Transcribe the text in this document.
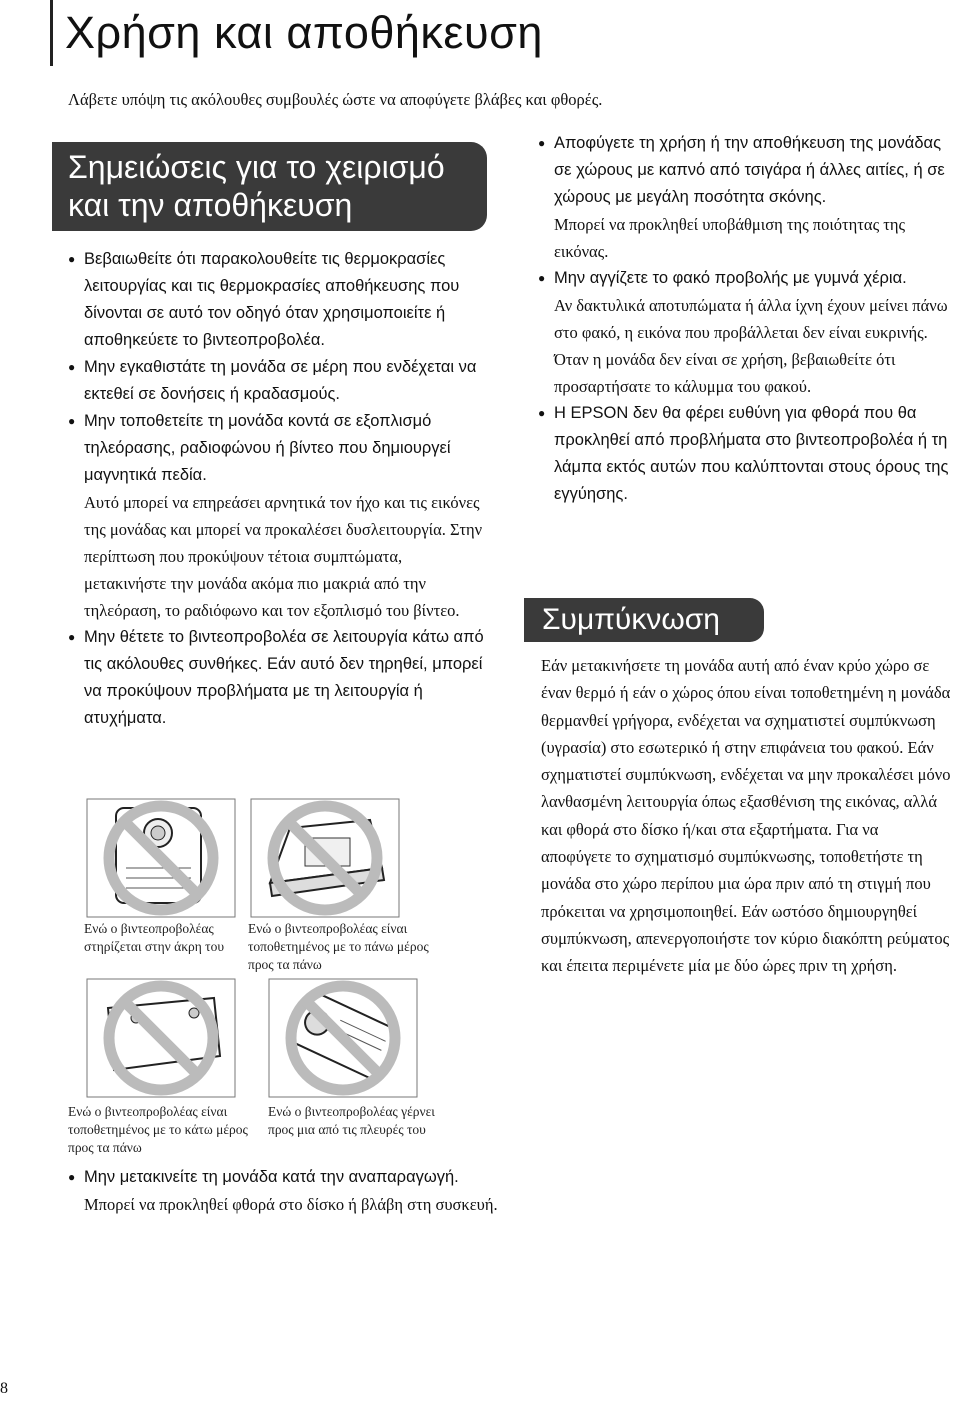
Χρήση και αποθήκευση
Λάβετε υπόψη τις ακόλουθες συμβουλές ώστε να αποφύγετε βλάβες και φθορές.
Σημειώσεις για το χειρισμό
και την αποθήκευση
● Βεβαιωθείτε ότι παρακολουθείτε τις θερμοκρασίες λειτουργίας και τις θερμοκρασίες αποθήκευσης που δίνονται σε αυτό τον οδηγό όταν χρησιμοποιείτε ή αποθηκεύετε το βιντεοπροβολέα.
● Μην εγκαθιστάτε τη μονάδα σε μέρη που ενδέχεται να εκτεθεί σε δονήσεις ή κραδασμούς.
● Μην τοποθετείτε τη μονάδα κοντά σε εξοπλισμό τηλεόρασης, ραδιοφώνου ή βίντεο που δημιουργεί μαγνητικά πεδία.
Αυτό μπορεί να επηρεάσει αρνητικά τον ήχο και τις εικόνες της μονάδας και μπορεί να προκαλέσει δυσλειτουργία. Στην περίπτωση που προκύψουν τέτοια συμπτώματα, μετακινήστε την μονάδα ακόμα πιο μακριά από την τηλεόραση, το ραδιόφωνο και τον εξοπλισμό του βίντεο.
● Μην θέτετε το βιντεοπροβολέα σε λειτουργία κάτω από τις ακόλουθες συνθήκες. Εάν αυτό δεν τηρηθεί, μπορεί να προκύψουν προβλήματα με τη λειτουργία ή ατυχήματα.
Ενώ ο βιντεοπροβολέας στηρίζεται στην άκρη του
Ενώ ο βιντεοπροβολέας είναι τοποθετημένος με το πάνω μέρος προς τα πάνω
Ενώ ο βιντεοπροβολέας είναι τοποθετημένος με το κάτω μέρος προς τα πάνω
Ενώ ο βιντεοπροβολέας γέρνει προς μια από τις πλευρές του
● Μην μετακινείτε τη μονάδα κατά την αναπαραγωγή.
Μπορεί να προκληθεί φθορά στο δίσκο ή βλάβη στη συσκευή.
● Αποφύγετε τη χρήση ή την αποθήκευση της μονάδας σε χώρους με καπνό από τσιγάρα ή άλλες αιτίες, ή σε χώρους με μεγάλη ποσότητα σκόνης.
Μπορεί να προκληθεί υποβάθμιση της ποιότητας της εικόνας.
● Μην αγγίζετε το φακό προβολής με γυμνά χέρια.
Αν δακτυλικά αποτυπώματα ή άλλα ίχνη έχουν μείνει πάνω στο φακό, η εικόνα που προβάλλεται δεν είναι ευκρινής. Όταν η μονάδα δεν είναι σε χρήση, βεβαιωθείτε ότι προσαρτήσατε το κάλυμμα του φακού.
● Η EPSON δεν θα φέρει ευθύνη για φθορά που θα προκληθεί από προβλήματα στο βιντεοπροβολέα ή τη λάμπα εκτός αυτών που καλύπτονται στους όρους της εγγύησης.
Συμπύκνωση
Εάν μετακινήσετε τη μονάδα αυτή από έναν κρύο χώρο σε έναν θερμό ή εάν ο χώρος όπου είναι τοποθετημένη η μονάδα θερμανθεί γρήγορα, ενδέχεται να σχηματιστεί συμπύκνωση (υγρασία) στο εσωτερικό ή στην επιφάνεια του φακού. Εάν σχηματιστεί συμπύκνωση, ενδέχεται να μην προκαλέσει μόνο λανθασμένη λειτουργία όπως εξασθένιση της εικόνας, αλλά και φθορά στο δίσκο ή/και στα εξαρτήματα. Για να αποφύγετε το σχηματισμό συμπύκνωσης, τοποθετήστε τη μονάδα στο χώρο περίπου μια ώρα πριν από τη στιγμή που πρόκειται να χρησιμοποιηθεί. Εάν ωστόσο δημιουργηθεί συμπύκνωση, απενεργοποιήστε τον κύριο διακόπτη ρεύματος και έπειτα περιμένετε μία με δύο ώρες πριν τη χρήση.
8
